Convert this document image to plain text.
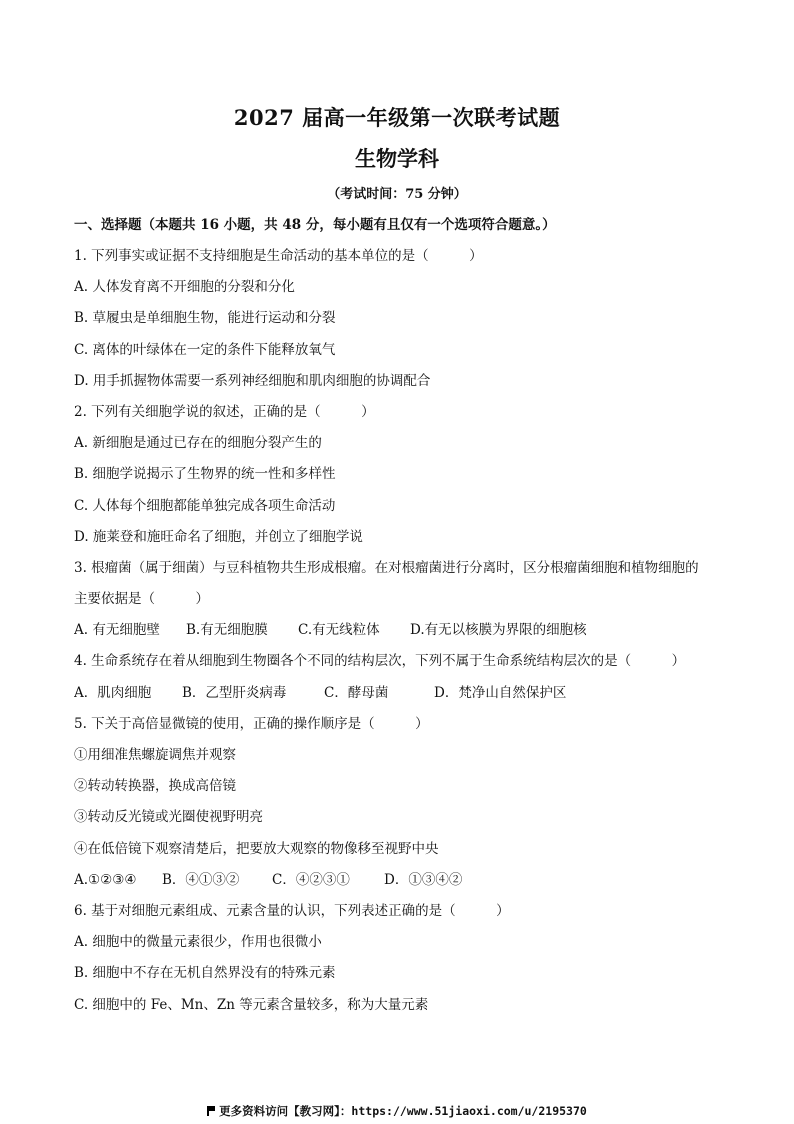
2027 届高一年级第一次联考试题
生物学科
（考试时间：75 分钟）
一、选择题（本题共 16 小题，共 48 分，每小题有且仅有一个选项符合题意。）
1. 下列事实或证据不支持细胞是生命活动的基本单位的是（　　　）
A. 人体发育离不开细胞的分裂和分化
B. 草履虫是单细胞生物，能进行运动和分裂
C. 离体的叶绿体在一定的条件下能释放氧气
D. 用手抓握物体需要一系列神经细胞和肌肉细胞的协调配合
2. 下列有关细胞学说的叙述，正确的是（　　　）
A. 新细胞是通过已存在的细胞分裂产生的
B. 细胞学说揭示了生物界的统一性和多样性
C. 人体每个细胞都能单独完成各项生命活动
D. 施莱登和施旺命名了细胞，并创立了细胞学说
3. 根瘤菌（属于细菌）与豆科植物共生形成根瘤。在对根瘤菌进行分离时，区分根瘤菌细胞和植物细胞的
主要依据是（　　　）
A. 有无细胞壁 B.有无细胞膜 C.有无线粒体 D.有无以核膜为界限的细胞核
4. 生命系统存在着从细胞到生物圈各个不同的结构层次，下列不属于生命系统结构层次的是（　　　）
A．肌肉细胞 B．乙型肝炎病毒	C．酵母菌	D．梵净山自然保护区
5. 下关于高倍显微镜的使用，正确的操作顺序是（　　　）
①用细准焦螺旋调焦并观察
②转动转换器，换成高倍镜
③转动反光镜或光圈使视野明亮
④在低倍镜下观察清楚后，把要放大观察的物像移至视野中央
A.①②③④ B．④①③② C．④②③①	D．①③④②
6. 基于对细胞元素组成、元素含量的认识，下列表述正确的是（　　　）
A. 细胞中的微量元素很少，作用也很微小
B. 细胞中不存在无机自然界没有的特殊元素
C. 细胞中的 Fe、Mn、Zn 等元素含量较多，称为大量元素
更多资料访问【教习网】：https://www.51jiaoxi.com/u/2195370
